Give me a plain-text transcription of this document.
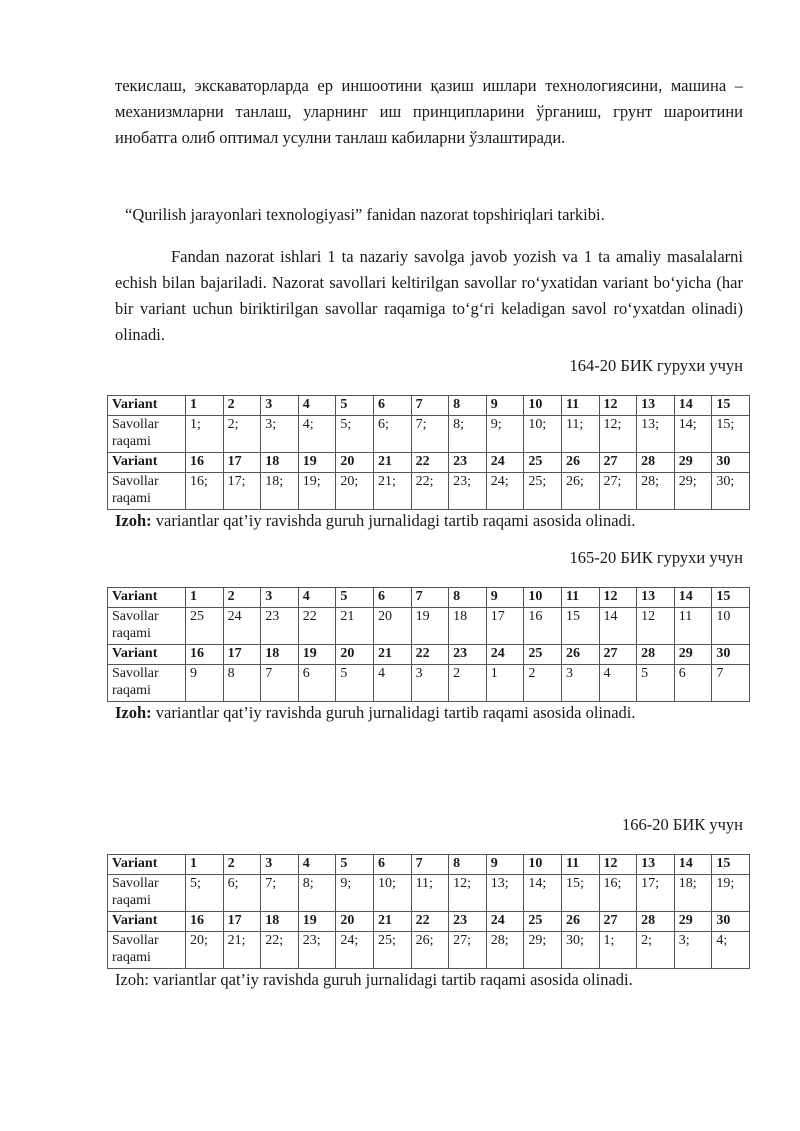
текислаш, экскаваторларда ер иншоотини қазиш ишлари технологиясини, машина – механизмларни танлаш, уларнинг иш принципларини ўрганиш, грунт шароитини инобатга олиб оптимал усулни танлаш кабиларни ўзлаштиради.

“Qurilish jarayonlari texnologiyasi” fanidan nazorat topshiriqlari tarkibi.

Fandan nazorat ishlari 1 ta nazariy savolga javob yozish va 1 ta amaliy masalalarni echish bilan bajariladi. Nazorat savollari keltirilgan savollar ro‘yxatidan variant bo‘yicha (har bir variant uchun biriktirilgan savollar raqamiga to‘g‘ri keladigan savol ro‘yxatdan olinadi) olinadi.

164-20 БИК гурухи учун

Variant	1	2	3	4	5	6	7	8	9	10	11	12	13	14	15
Savollar raqami	1;	2;	3;	4;	5;	6;	7;	8;	9;	10;	11;	12;	13;	14;	15;
Variant	16	17	18	19	20	21	22	23	24	25	26	27	28	29	30
Savollar raqami	16;	17;	18;	19;	20;	21;	22;	23;	24;	25;	26;	27;	28;	29;	30;

Izoh: variantlar qat’iy ravishda guruh jurnalidagi tartib raqami asosida olinadi.

165-20 БИК гурухи учун

Variant	1	2	3	4	5	6	7	8	9	10	11	12	13	14	15
Savollar raqami	25	24	23	22	21	20	19	18	17	16	15	14	12	11	10
Variant	16	17	18	19	20	21	22	23	24	25	26	27	28	29	30
Savollar raqami	9	8	7	6	5	4	3	2	1	2	3	4	5	6	7

Izoh: variantlar qat’iy ravishda guruh jurnalidagi tartib raqami asosida olinadi.

166-20 БИК учун

Variant	1	2	3	4	5	6	7	8	9	10	11	12	13	14	15
Savollar raqami	5;	6;	7;	8;	9;	10;	11;	12;	13;	14;	15;	16;	17;	18;	19;
Variant	16	17	18	19	20	21	22	23	24	25	26	27	28	29	30
Savollar raqami	20;	21;	22;	23;	24;	25;	26;	27;	28;	29;	30;	1;	2;	3;	4;

Izoh: variantlar qat’iy ravishda guruh jurnalidagi tartib raqami asosida olinadi.
